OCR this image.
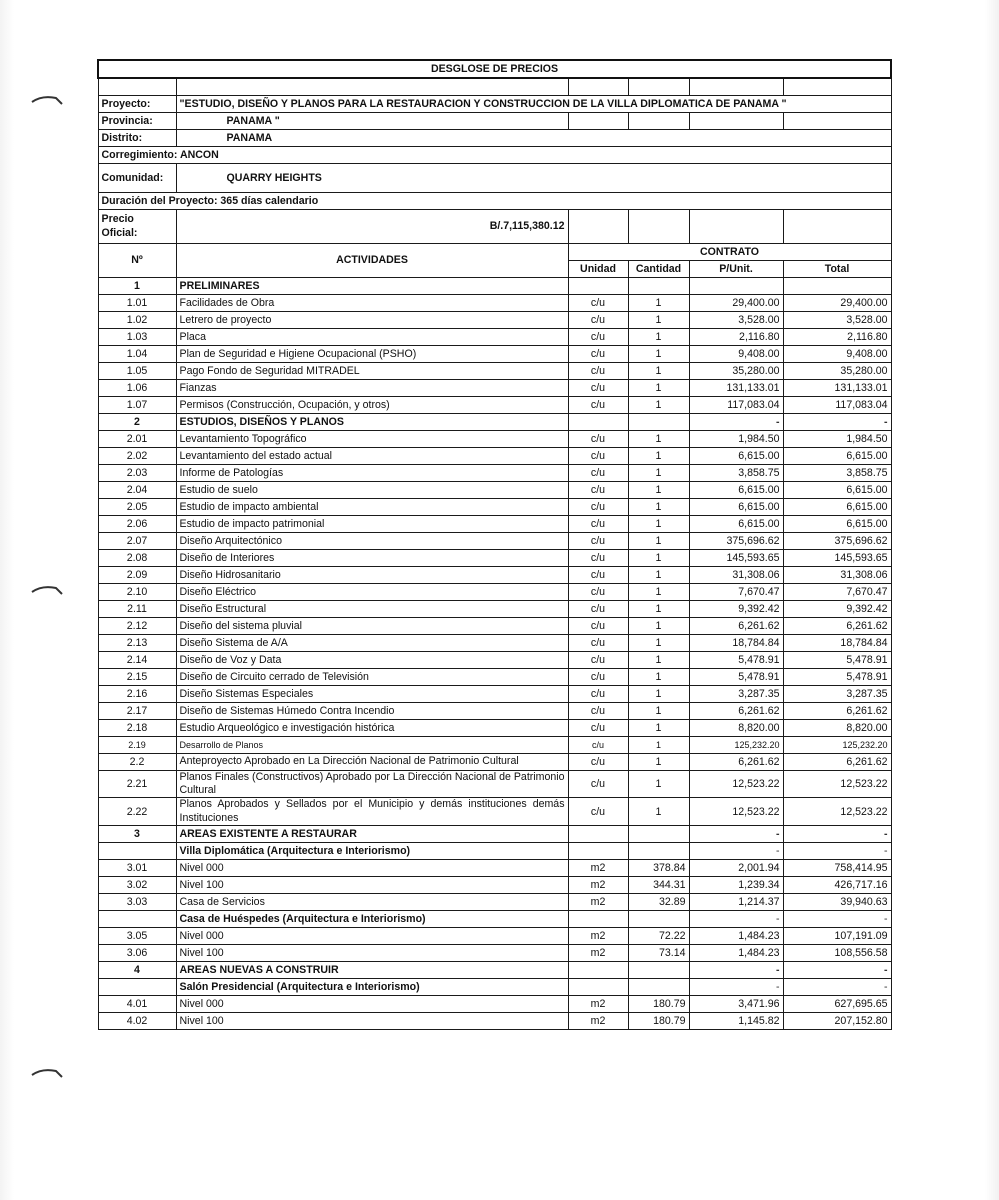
DESGLOSE DE PRECIOS					

Proyecto:	"ESTUDIO, DISEÑO Y PLANOS PARA LA RESTAURACION Y CONSTRUCCION DE LA VILLA DIPLOMATICA DE PANAMA "				
Provincia:	PANAMA "				
Distrito:	PANAMA				
Corregimiento: ANCON					
Comunidad:	QUARRY HEIGHTS				
Duración del Proyecto: 365 días calendario					
Precio Oficial:	B/.7,115,380.12				
Nº	ACTIVIDADES	CONTRATO			
		Unidad	Cantidad	P/Unit.	Total
1	PRELIMINARES				
1.01	Facilidades de Obra	c/u	1	29,400.00	29,400.00
1.02	Letrero de proyecto	c/u	1	3,528.00	3,528.00
1.03	Placa	c/u	1	2,116.80	2,116.80
1.04	Plan de Seguridad e Higiene Ocupacional (PSHO)	c/u	1	9,408.00	9,408.00
1.05	Pago Fondo de Seguridad MITRADEL	c/u	1	35,280.00	35,280.00
1.06	Fianzas	c/u	1	131,133.01	131,133.01
1.07	Permisos (Construcción, Ocupación, y otros)	c/u	1	117,083.04	117,083.04
2	ESTUDIOS, DISEÑOS Y PLANOS			-	-
2.01	Levantamiento Topográfico	c/u	1	1,984.50	1,984.50
2.02	Levantamiento del estado actual	c/u	1	6,615.00	6,615.00
2.03	Informe de Patologías	c/u	1	3,858.75	3,858.75
2.04	Estudio de suelo	c/u	1	6,615.00	6,615.00
2.05	Estudio de impacto ambiental	c/u	1	6,615.00	6,615.00
2.06	Estudio de impacto patrimonial	c/u	1	6,615.00	6,615.00
2.07	Diseño Arquitectónico	c/u	1	375,696.62	375,696.62
2.08	Diseño de Interiores	c/u	1	145,593.65	145,593.65
2.09	Diseño Hidrosanitario	c/u	1	31,308.06	31,308.06
2.10	Diseño Eléctrico	c/u	1	7,670.47	7,670.47
2.11	Diseño Estructural	c/u	1	9,392.42	9,392.42
2.12	Diseño del sistema pluvial	c/u	1	6,261.62	6,261.62
2.13	Diseño Sistema de A/A	c/u	1	18,784.84	18,784.84
2.14	Diseño de Voz y Data	c/u	1	5,478.91	5,478.91
2.15	Diseño de Circuito cerrado de Televisión	c/u	1	5,478.91	5,478.91
2.16	Diseño Sistemas Especiales	c/u	1	3,287.35	3,287.35
2.17	Diseño de Sistemas Húmedo Contra Incendio	c/u	1	6,261.62	6,261.62
2.18	Estudio Arqueológico e investigación histórica	c/u	1	8,820.00	8,820.00
2.19	Desarrollo de Planos	c/u	1	125,232.20	125,232.20
2.2	Anteproyecto Aprobado en La Dirección Nacional de Patrimonio Cultural	c/u	1	6,261.62	6,261.62
2.21	Planos Finales (Constructivos) Aprobado por La Dirección Nacional de Patrimonio Cultural	c/u	1	12,523.22	12,523.22
2.22	Planos Aprobados y Sellados por el Municipio y demás instituciones demás Instituciones	c/u	1	12,523.22	12,523.22
3	AREAS EXISTENTE A RESTAURAR			-	-
	Villa Diplomática (Arquitectura e Interiorismo)			-	-
3.01	Nivel 000	m2	378.84	2,001.94	758,414.95
3.02	Nivel 100	m2	344.31	1,239.34	426,717.16
3.03	Casa de Servicios	m2	32.89	1,214.37	39,940.63
	Casa de Huéspedes (Arquitectura e Interiorismo)			-	-
3.05	Nivel 000	m2	72.22	1,484.23	107,191.09
3.06	Nivel 100	m2	73.14	1,484.23	108,556.58
4	AREAS NUEVAS A CONSTRUIR			-	-
	Salón Presidencial (Arquitectura e Interiorismo)			-	-
4.01	Nivel 000	m2	180.79	3,471.96	627,695.65
4.02	Nivel 100	m2	180.79	1,145.82	207,152.80
